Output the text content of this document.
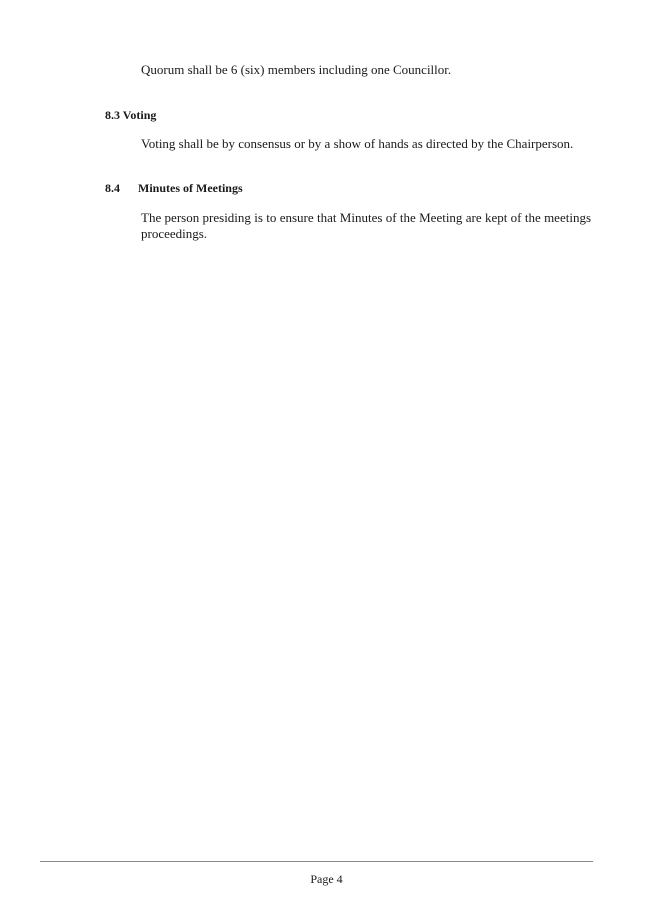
Quorum shall be 6 (six) members including one Councillor.

8.3 Voting

Voting shall be by consensus or by a show of hands as directed by the Chairperson.

8.4 Minutes of Meetings

The person presiding is to ensure that Minutes of the Meeting are kept of the meetings proceedings.

Page 4
